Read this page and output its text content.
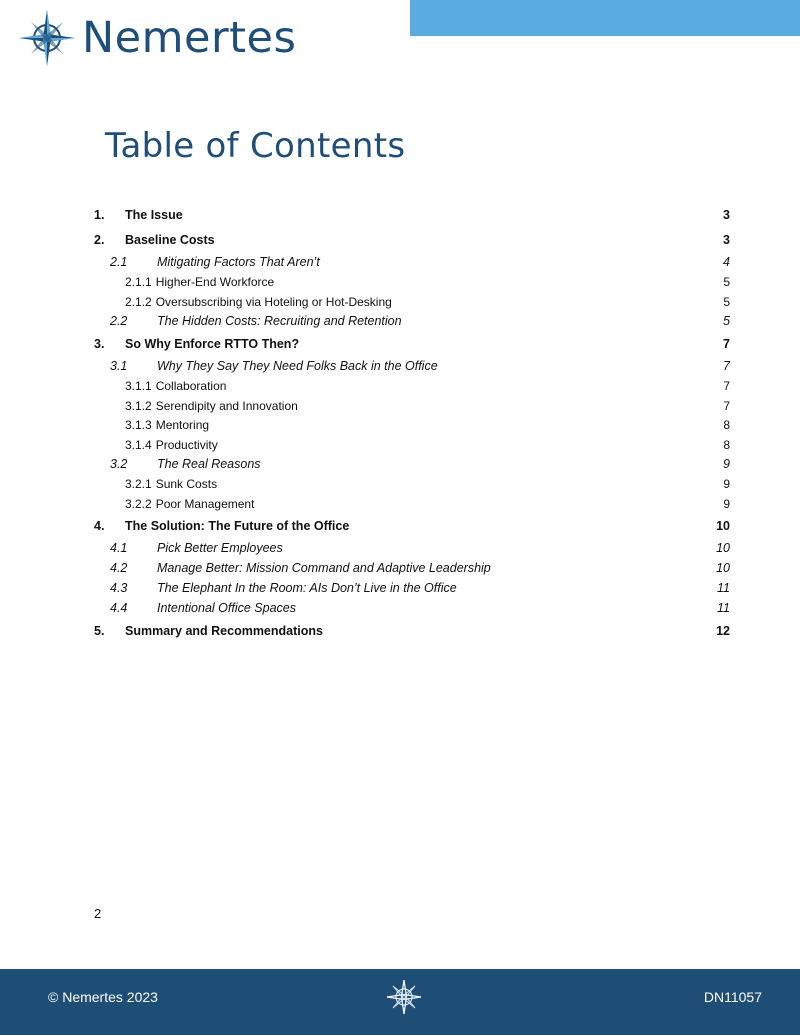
Nemertes
Table of Contents
1.	The Issue	3
2.	Baseline Costs	3
2.1	Mitigating Factors That Aren’t	4
2.1.1 Higher-End Workforce	5
2.1.2 Oversubscribing via Hoteling or Hot-Desking	5
2.2	The Hidden Costs: Recruiting and Retention	5
3.	So Why Enforce RTTO Then?	7
3.1	Why They Say They Need Folks Back in the Office	7
3.1.1 Collaboration	7
3.1.2 Serendipity and Innovation	7
3.1.3 Mentoring	8
3.1.4 Productivity	8
3.2	The Real Reasons	9
3.2.1 Sunk Costs	9
3.2.2 Poor Management	9
4.	The Solution: The Future of the Office	10
4.1	Pick Better Employees	10
4.2	Manage Better: Mission Command and Adaptive Leadership	10
4.3	The Elephant In the Room: AIs Don’t Live in the Office	11
4.4	Intentional Office Spaces	11
5.	Summary and Recommendations	12
2
© Nemertes 2023	DN11057
